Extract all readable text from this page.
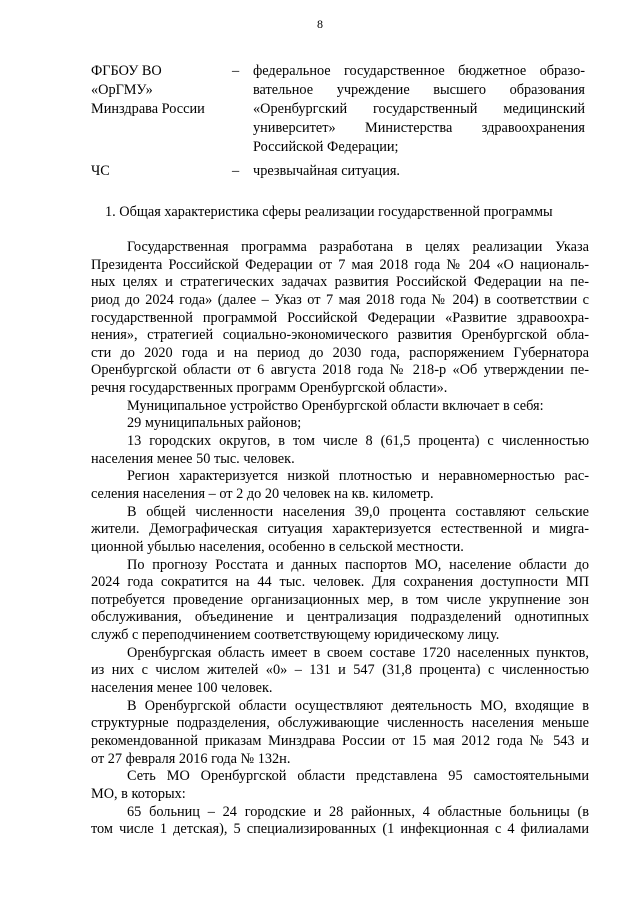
8
ФГБОУ ВО
«ОрГМУ»
Минздрава России
– федеральное государственное бюджетное образо-
вательное учреждение высшего образования
«Оренбургский государственный медицинский
университет» Министерства здравоохранения
Российской Федерации;
ЧС	– чрезвычайная ситуация.
1. Общая характеристика сферы реализации государственной программы
Государственная программа разработана в целях реализации Указа
Президента Российской Федерации от 7 мая 2018 года № 204 «О националь-
ных целях и стратегических задачах развития Российской Федерации на пе-
риод до 2024 года» (далее – Указ от 7 мая 2018 года № 204) в соответствии с
государственной программой Российской Федерации «Развитие здравоохра-
нения», стратегией социально-экономического развития Оренбургской обла-
сти до 2020 года и на период до 2030 года, распоряжением Губернатора
Оренбургской области от 6 августа 2018 года № 218-р «Об утверждении пе-
речня государственных программ Оренбургской области».
Муниципальное устройство Оренбургской области включает в себя:
29 муниципальных районов;
13 городских округов, в том числе 8 (61,5 процента) с численностью
населения менее 50 тыс. человек.
Регион характеризуется низкой плотностью и неравномерностью рас-
селения населения – от 2 до 20 человек на кв. километр.
В общей численности населения 39,0 процента составляют сельские
жители. Демографическая ситуация характеризуется естественной и миgra-
ционной убылью населения, особенно в сельской местности.
По прогнозу Росстата и данных паспортов МО, население области до
2024 года сократится на 44 тыс. человек. Для сохранения доступности МП
потребуется проведение организационных мер, в том числе укрупнение зон
обслуживания, объединение и централизация подразделений однотипных
служб с переподчинением соответствующему юридическому лицу.
Оренбургская область имеет в своем составе 1720 населенных пунктов,
из них с числом жителей «0» – 131 и 547 (31,8 процента) с численностью
населения менее 100 человек.
В Оренбургской области осуществляют деятельность МО, входящие в
структурные подразделения, обслуживающие численность населения меньше
рекомендованной приказам Минздрава России от 15 мая 2012 года № 543 и
от 27 февраля 2016 года № 132н.
Сеть МО Оренбургской области представлена 95 самостоятельными
МО, в которых:
65 больниц – 24 городские и 28 районных, 4 областные больницы (в
том числе 1 детская), 5 специализированных (1 инфекционная с 4 филиалами
